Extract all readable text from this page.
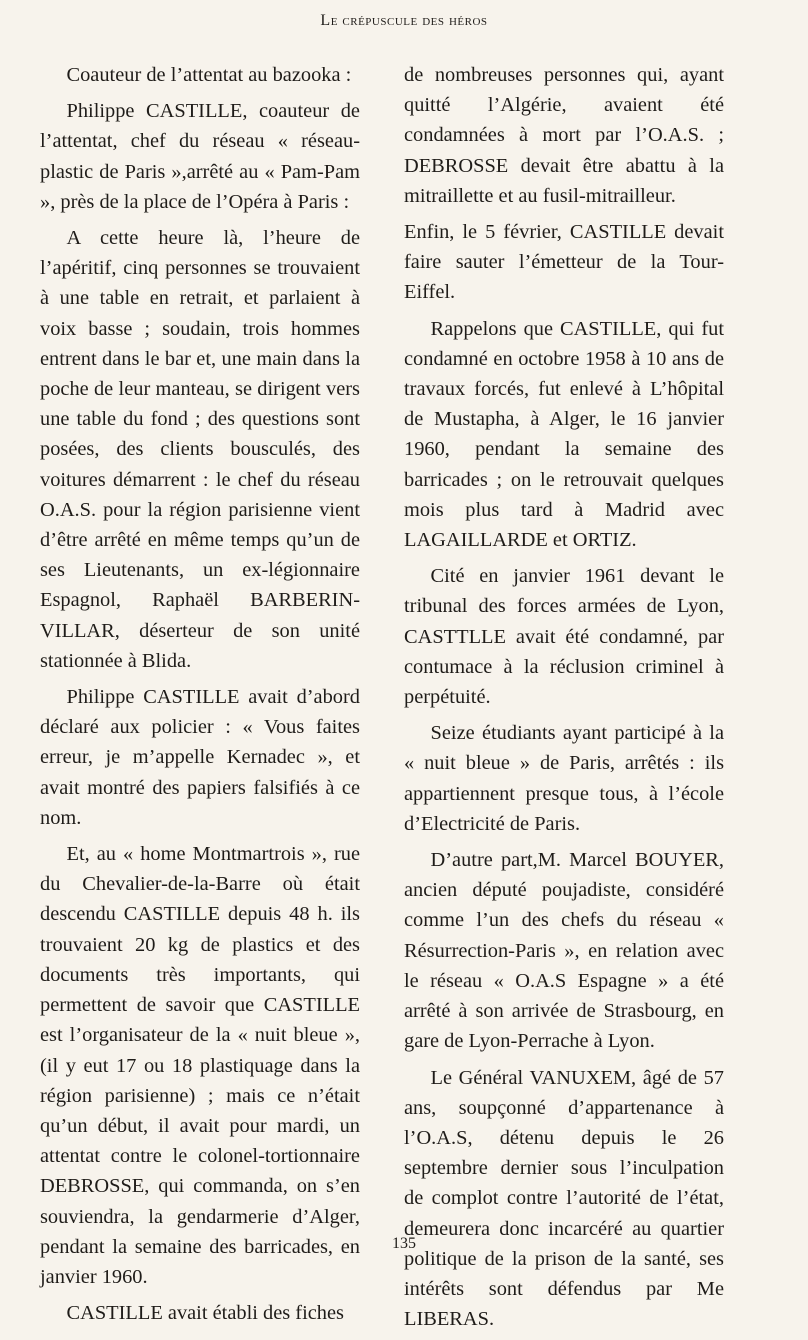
Le crépuscule des héros

Coauteur de l’attentat au bazooka :

Philippe CASTILLE, coauteur de l’attentat, chef du réseau « réseau-plastic de Paris »,arrêté au « Pam-Pam », près de la place de l’Opéra à Paris :

A cette heure là, l’heure de l’apéritif, cinq personnes se trouvaient à une table en retrait, et parlaient à voix basse ; soudain, trois hommes entrent dans le bar et, une main dans la poche de leur manteau, se dirigent vers une table du fond ; des questions sont posées, des clients bousculés, des voitures démarrent : le chef du réseau O.A.S. pour la région parisienne vient d’être arrêté en même temps qu’un de ses Lieutenants, un ex-légionnaire Espagnol, Raphaël BARBERIN-VILLAR, déserteur de son unité stationnée à Blida.

Philippe CASTILLE avait d’abord déclaré aux policier : « Vous faites erreur, je m’appelle Kernadec », et avait montré des papiers falsifiés à ce nom.

Et, au « home Montmartrois », rue du Chevalier-de-la-Barre où était descendu CASTILLE depuis 48 h. ils trouvaient 20 kg de plastics et des documents très importants, qui permettent de savoir que CASTILLE est l’organisateur de la « nuit bleue », (il y eut 17 ou 18 plastiquage dans la région parisienne) ; mais ce n’était qu’un début, il avait pour mardi, un attentat contre le colonel-tortionnaire DEBROSSE, qui commanda, on s’en souviendra, la gendarmerie d’Alger, pendant la semaine des barricades, en janvier 1960.

CASTILLE avait établi des fiches

de nombreuses personnes qui, ayant quitté l’Algérie, avaient été condamnées à mort par l’O.A.S. ; DEBROSSE devait être abattu à la mitraillette et au fusil-mitrailleur.

Enfin, le 5 février, CASTILLE devait faire sauter l’émetteur de la Tour-Eiffel.

Rappelons que CASTILLE, qui fut condamné en octobre 1958 à 10 ans de travaux forcés, fut enlevé à L’hôpital de Mustapha, à Alger, le 16 janvier 1960, pendant la semaine des barricades ; on le retrouvait quelques mois plus tard à Madrid avec LAGAILLARDE et ORTIZ.

Cité en janvier 1961 devant le tribunal des forces armées de Lyon, CASTTLLE avait été condamné, par contumace à la réclusion criminel à perpétuité.

Seize étudiants ayant participé à la « nuit bleue » de Paris, arrêtés : ils appartiennent presque tous, à l’école d’Electricité de Paris.

D’autre part,M. Marcel BOUYER, ancien député poujadiste, considéré comme l’un des chefs du réseau « Résurrection-Paris », en relation avec le réseau « O.A.S Espagne » a été arrêté à son arrivée de Strasbourg, en gare de Lyon-Perrache à Lyon.

Le Général VANUXEM, âgé de 57 ans, soupçonné d’appartenance à l’O.A.S, détenu depuis le 26 septembre dernier sous l’inculpation de complot contre l’autorité de l’état, demeurera donc incarcéré au quartier politique de la prison de la santé, ses intérêts sont défendus par Me LIBERAS.

135
